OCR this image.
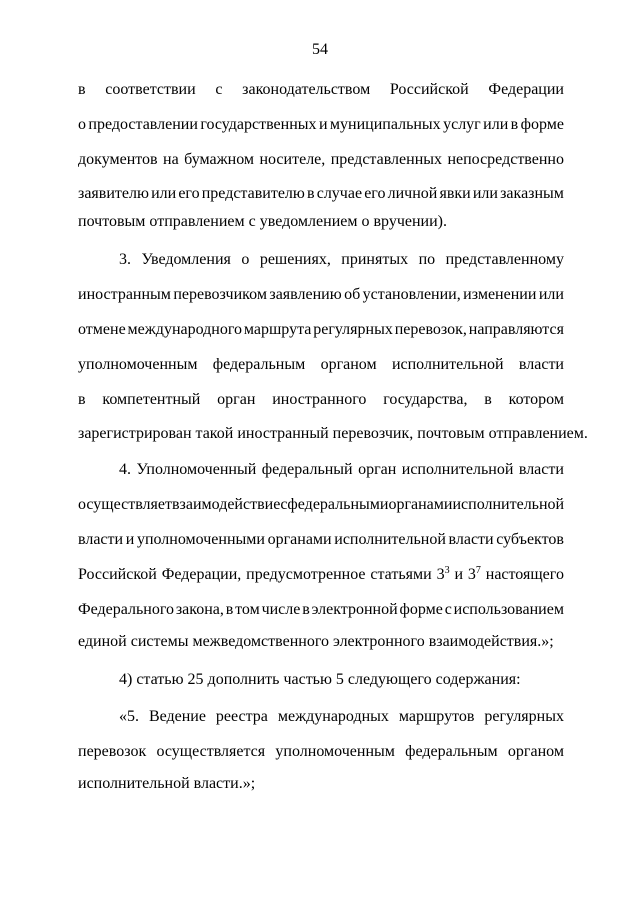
54
в соответствии с законодательством Российской Федерации
о предоставлении государственных и муниципальных услуг или в форме
документов на бумажном носителе, представленных непосредственно
заявителю или его представителю в случае его личной явки или заказным
почтовым отправлением с уведомлением о вручении).
3. Уведомления о решениях, принятых по представленному
иностранным перевозчиком заявлению об установлении, изменении или
отмене международного маршрута регулярных перевозок, направляются
уполномоченным федеральным органом исполнительной власти
в компетентный орган иностранного государства, в котором
зарегистрирован такой иностранный перевозчик, почтовым отправлением.
4. Уполномоченный федеральный орган исполнительной власти
осуществляет взаимодействие с федеральными органами исполнительной
власти и уполномоченными органами исполнительной власти субъектов
Российской Федерации, предусмотренное статьями $3^3$ и $3^7$ настоящего
Федерального закона, в том числе в электронной форме с использованием
единой системы межведомственного электронного взаимодействия.»;
4) статью 25 дополнить частью 5 следующего содержания:
«5. Ведение реестра международных маршрутов регулярных
перевозок осуществляется уполномоченным федеральным органом
исполнительной власти.»;
